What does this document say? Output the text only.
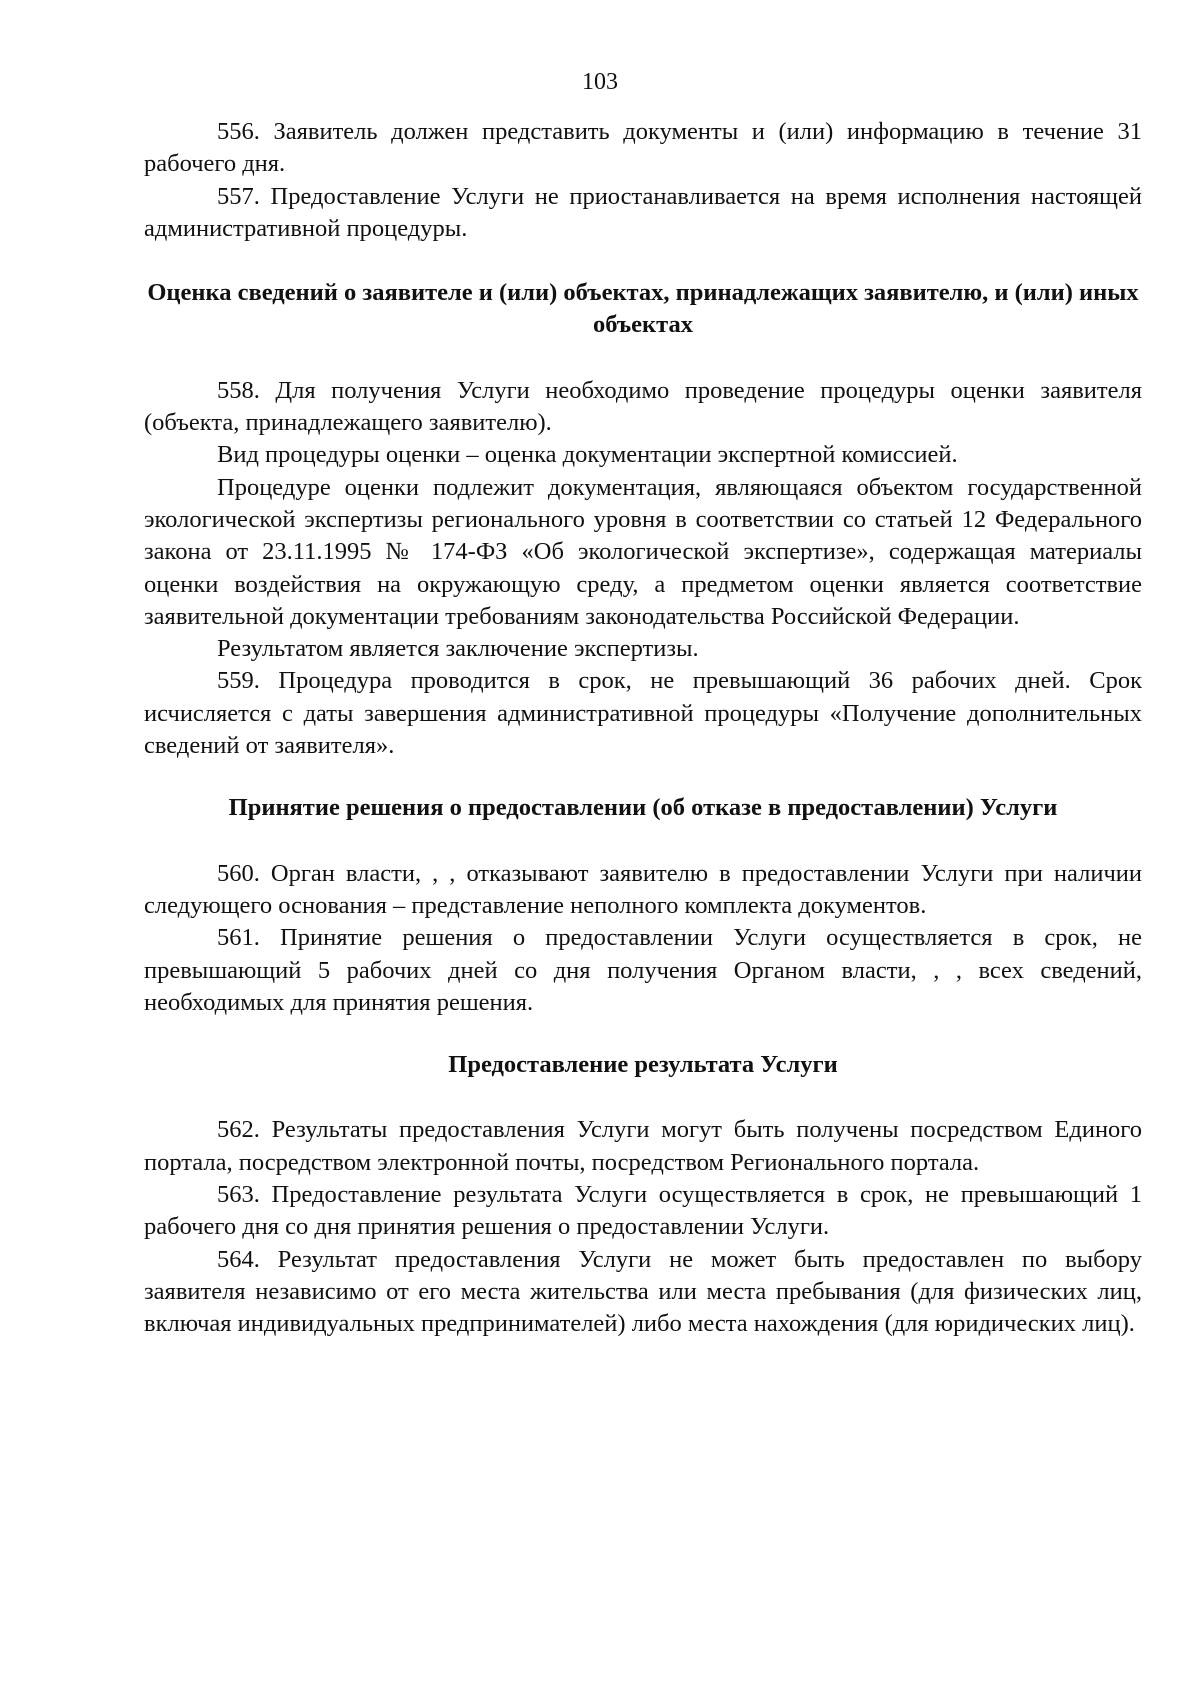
103

556. Заявитель должен представить документы и (или) информацию в течение 31 рабочего дня.

557. Предоставление Услуги не приостанавливается на время исполнения настоящей административной процедуры.

Оценка сведений о заявителе и (или) объектах, принадлежащих заявителю, и (или) иных объектах

558. Для получения Услуги необходимо проведение процедуры оценки заявителя (объекта, принадлежащего заявителю).

Вид процедуры оценки – оценка документации экспертной комиссией.

Процедуре оценки подлежит документация, являющаяся объектом государственной экологической экспертизы регионального уровня в соответствии со статьей 12 Федерального закона от 23.11.1995 № 174-ФЗ «Об экологической экспертизе», содержащая материалы оценки воздействия на окружающую среду, а предметом оценки является соответствие заявительной документации требованиям законодательства Российской Федерации.

Результатом является заключение экспертизы.

559. Процедура проводится в срок, не превышающий 36 рабочих дней. Срок исчисляется с даты завершения административной процедуры «Получение дополнительных сведений от заявителя».

Принятие решения о предоставлении (об отказе в предоставлении) Услуги

560. Орган власти, , , отказывают заявителю в предоставлении Услуги при наличии следующего основания – представление неполного комплекта документов.

561. Принятие решения о предоставлении Услуги осуществляется в срок, не превышающий 5 рабочих дней со дня получения Органом власти, , , всех сведений, необходимых для принятия решения.

Предоставление результата Услуги

562. Результаты предоставления Услуги могут быть получены посредством Единого портала, посредством электронной почты, посредством Регионального портала.

563. Предоставление результата Услуги осуществляется в срок, не превышающий 1 рабочего дня со дня принятия решения о предоставлении Услуги.

564. Результат предоставления Услуги не может быть предоставлен по выбору заявителя независимо от его места жительства или места пребывания (для физических лиц, включая индивидуальных предпринимателей) либо места нахождения (для юридических лиц).
